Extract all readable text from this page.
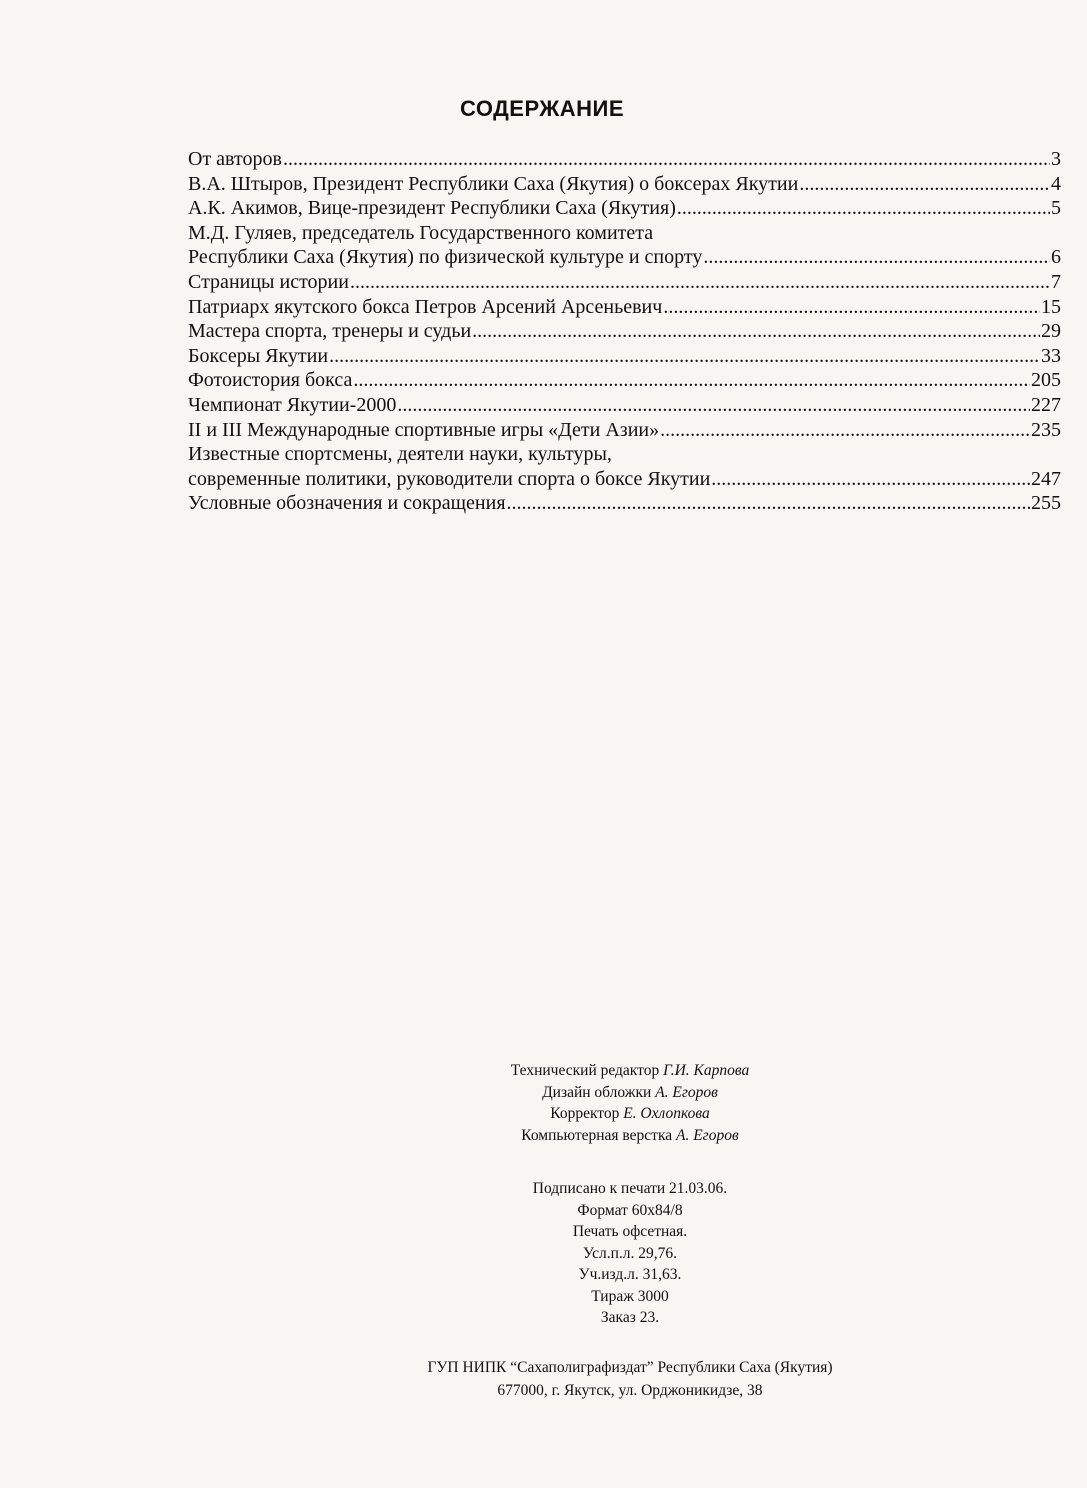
СОДЕРЖАНИЕ
От авторов .....	3
В.А. Штыров, Президент Республики Саха (Якутия) о боксерах Якутии .....	4
А.К. Акимов, Вице-президент Республики Саха (Якутия) .....	5
М.Д. Гуляев, председатель Государственного комитета
Республики Саха (Якутия) по физической культуре и спорту .....	6
Страницы истории .....	7
Патриарх якутского бокса Петров Арсений Арсеньевич .....	15
Мастера спорта, тренеры и судьи .....	29
Боксеры Якутии .....	33
Фотоистория бокса .....	205
Чемпионат Якутии-2000 .....	227
II и III Международные спортивные игры «Дети Азии» .....	235
Известные спортсмены, деятели науки, культуры,
современные политики, руководители спорта о боксе Якутии .....	247
Условные обозначения и сокращения .....	255
Технический редактор Г.И. Карпова
Дизайн обложки А. Егоров
Корректор Е. Охлопкова
Компьютерная верстка А. Егоров
Подписано к печати 21.03.06.
Формат 60х84/8
Печать офсетная.
Усл.п.л. 29,76.
Уч.изд.л. 31,63.
Тираж 3000
Заказ 23.
ГУП НИПК “Сахаполиграфиздат” Республики Саха (Якутия)
677000, г. Якутск, ул. Орджоникидзе, 38
